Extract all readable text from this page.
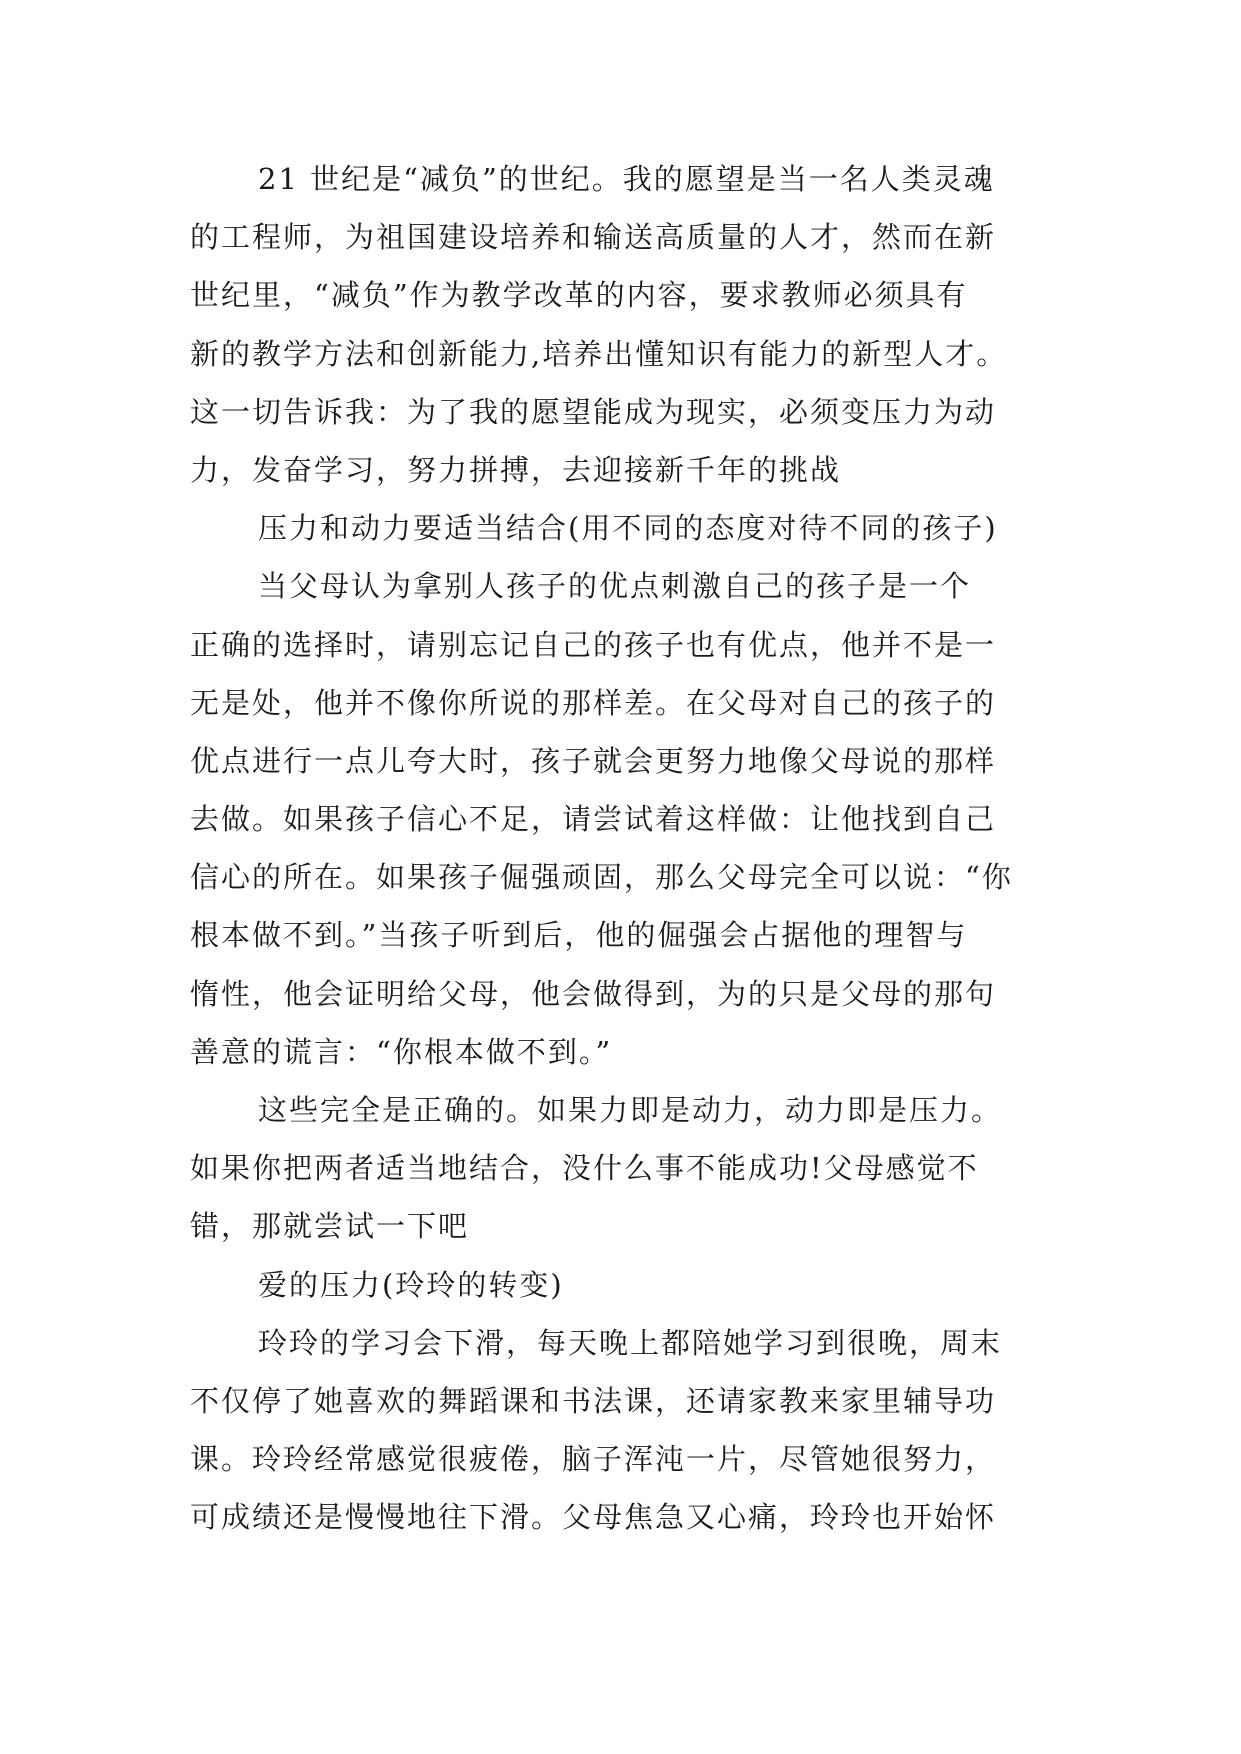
21 世纪是“减负”的世纪。我的愿望是当一名人类灵魂
的工程师，为祖国建设培养和输送高质量的人才，然而在新
世纪里，“减负”作为教学改革的内容，要求教师必须具有
新的教学方法和创新能力,培养出懂知识有能力的新型人才。
这一切告诉我：为了我的愿望能成为现实，必须变压力为动
力，发奋学习，努力拼搏，去迎接新千年的挑战
压力和动力要适当结合(用不同的态度对待不同的孩子)
当父母认为拿别人孩子的优点刺激自己的孩子是一个
正确的选择时，请别忘记自己的孩子也有优点，他并不是一
无是处，他并不像你所说的那样差。在父母对自己的孩子的
优点进行一点儿夸大时，孩子就会更努力地像父母说的那样
去做。如果孩子信心不足，请尝试着这样做：让他找到自己
信心的所在。如果孩子倔强顽固，那么父母完全可以说：“你
根本做不到。”当孩子听到后，他的倔强会占据他的理智与
惰性，他会证明给父母，他会做得到，为的只是父母的那句
善意的谎言：“你根本做不到。”
这些完全是正确的。如果力即是动力，动力即是压力。
如果你把两者适当地结合，没什么事不能成功!父母感觉不
错，那就尝试一下吧
爱的压力(玲玲的转变)
玲玲的学习会下滑，每天晚上都陪她学习到很晚，周末
不仅停了她喜欢的舞蹈课和书法课，还请家教来家里辅导功
课。玲玲经常感觉很疲倦，脑子浑沌一片，尽管她很努力，
可成绩还是慢慢地往下滑。父母焦急又心痛，玲玲也开始怀
